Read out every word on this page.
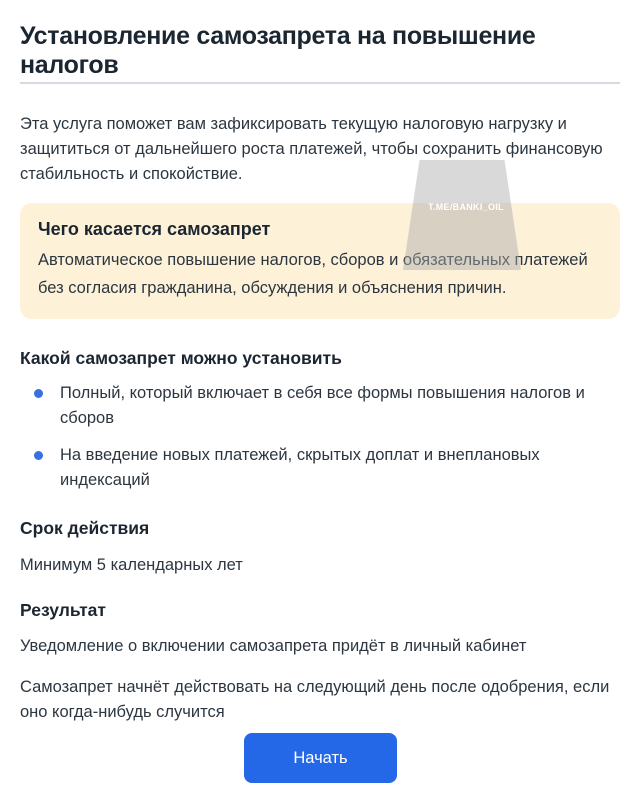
Установление самозапрета на повышение налогов

Эта услуга поможет вам зафиксировать текущую налоговую нагрузку и защититься от дальнейшего роста платежей, чтобы сохранить финансовую стабильность и спокойствие.

Чего касается самозапрет
Автоматическое повышение налогов, сборов и обязательных платежей без согласия гражданина, обсуждения и объяснения причин.
T.ME/BANKI_OIL
Какой самозапрет можно установить
Полный, который включает в себя все формы повышения налогов и сборов
На введение новых платежей, скрытых доплат и внеплановых индексаций
Срок действия

Минимум 5 календарных лет

Результат

Уведомление о включении самозапрета придёт в личный кабинет

Самозапрет начнёт действовать на следующий день после одобрения, если оно когда-нибудь случится

Начать
